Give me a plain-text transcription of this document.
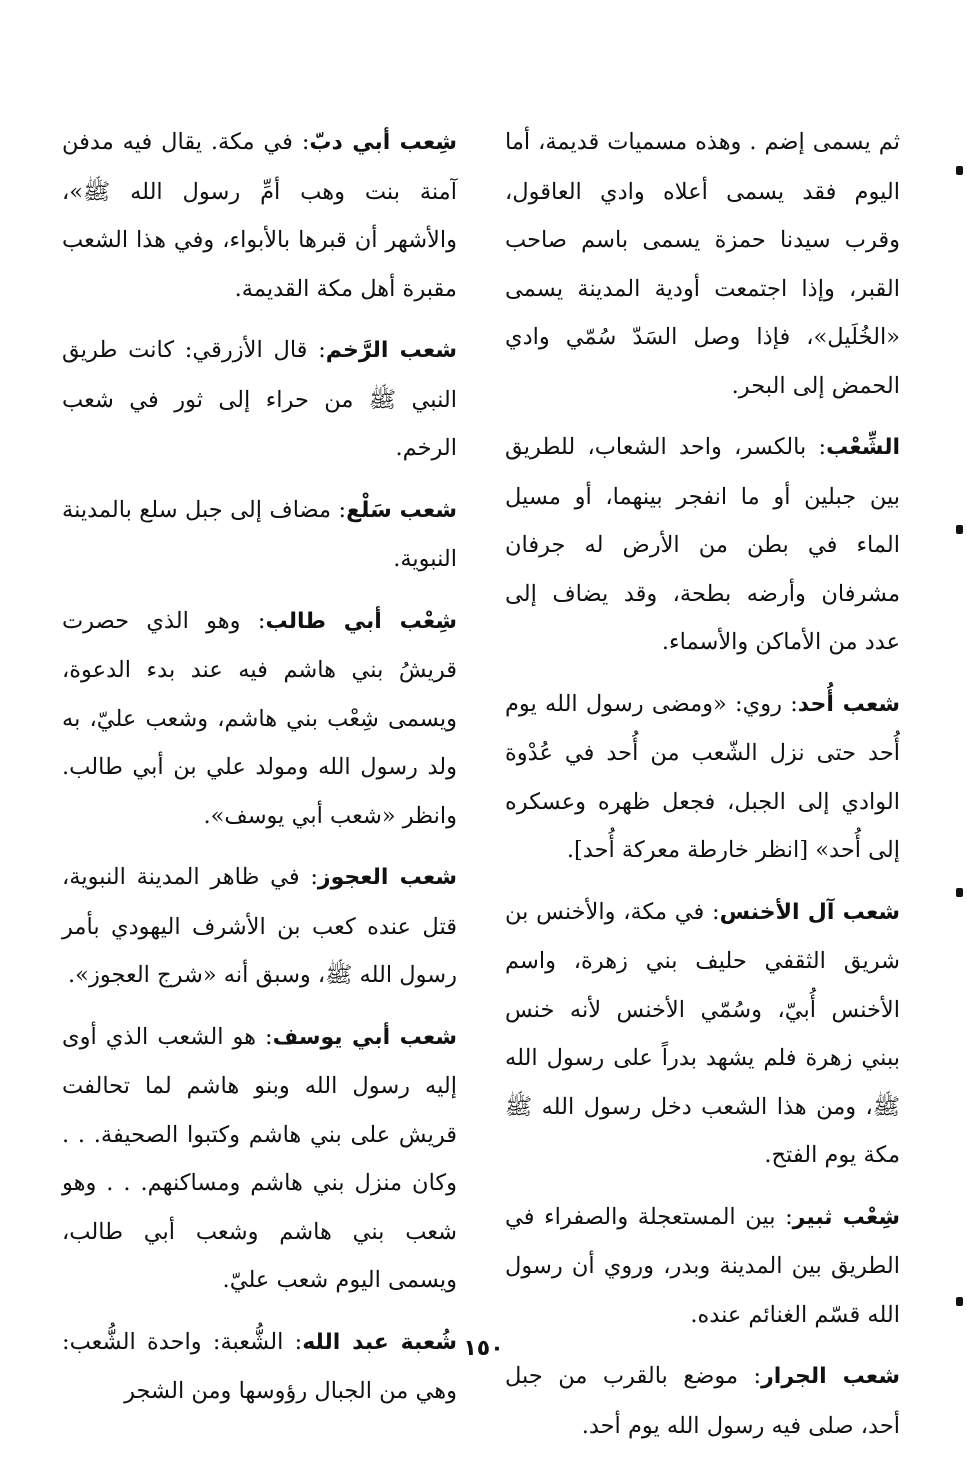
ثم يسمى إضم . وهذه مسميات قديمة، أما اليوم فقد يسمى أعلاه وادي العاقول، وقرب سيدنا حمزة يسمى باسم صاحب القبر، وإذا اجتمعت أودية المدينة يسمى «الخُلَيل»، فإذا وصل السَدّ سُمّي وادي الحمض إلى البحر.

الشِّعْب: بالكسر، واحد الشعاب، للطريق بين جبلين أو ما انفجر بينهما، أو مسيل الماء في بطن من الأرض له جرفان مشرفان وأرضه بطحة، وقد يضاف إلى عدد من الأماكن والأسماء.

شعب أُحد: روي: «ومضى رسول الله يوم أُحد حتى نزل الشّعب من أُحد في عُدْوة الوادي إلى الجبل، فجعل ظهره وعسكره إلى أُحد» [انظر خارطة معركة أُحد].

شعب آل الأخنس: في مكة، والأخنس بن شريق الثقفي حليف بني زهرة، واسم الأخنس أُبيّ، وسُمّي الأخنس لأنه خنس ببني زهرة فلم يشهد بدراً على رسول الله ﷺ، ومن هذا الشعب دخل رسول الله ﷺ مكة يوم الفتح.

شِعْب ثبير: بين المستعجلة والصفراء في الطريق بين المدينة وبدر، وروي أن رسول الله قسّم الغنائم عنده.

شعب الجرار: موضع بالقرب من جبل أحد، صلى فيه رسول الله يوم أحد.

شِعب أبي دبّ: في مكة. يقال فيه مدفن آمنة بنت وهب أمِّ رسول الله ﷺ»، والأشهر أن قبرها بالأبواء، وفي هذا الشعب مقبرة أهل مكة القديمة.

شعب الرَّخم: قال الأزرقي: كانت طريق النبي ﷺ من حراء إلى ثور في شعب الرخم.

شعب سَلْع: مضاف إلى جبل سلع بالمدينة النبوية.

شِعْب أبي طالب: وهو الذي حصرت قريشُ بني هاشم فيه عند بدء الدعوة، ويسمى شِعْب بني هاشم، وشعب عليّ، به ولد رسول الله ومولد علي بن أبي طالب. وانظر «شعب أبي يوسف».

شعب العجوز: في ظاهر المدينة النبوية، قتل عنده كعب بن الأشرف اليهودي بأمر رسول الله ﷺ، وسبق أنه «شرج العجوز».

شعب أبي يوسف: هو الشعب الذي أوى إليه رسول الله وبنو هاشم لما تحالفت قريش على بني هاشم وكتبوا الصحيفة. . . وكان منزل بني هاشم ومساكنهم. . . وهو شعب بني هاشم وشعب أبي طالب، ويسمى اليوم شعب عليّ.

شُعبة عبد الله: الشُّعبة: واحدة الشُّعب: وهي من الجبال رؤوسها ومن الشجر

١٥٠
